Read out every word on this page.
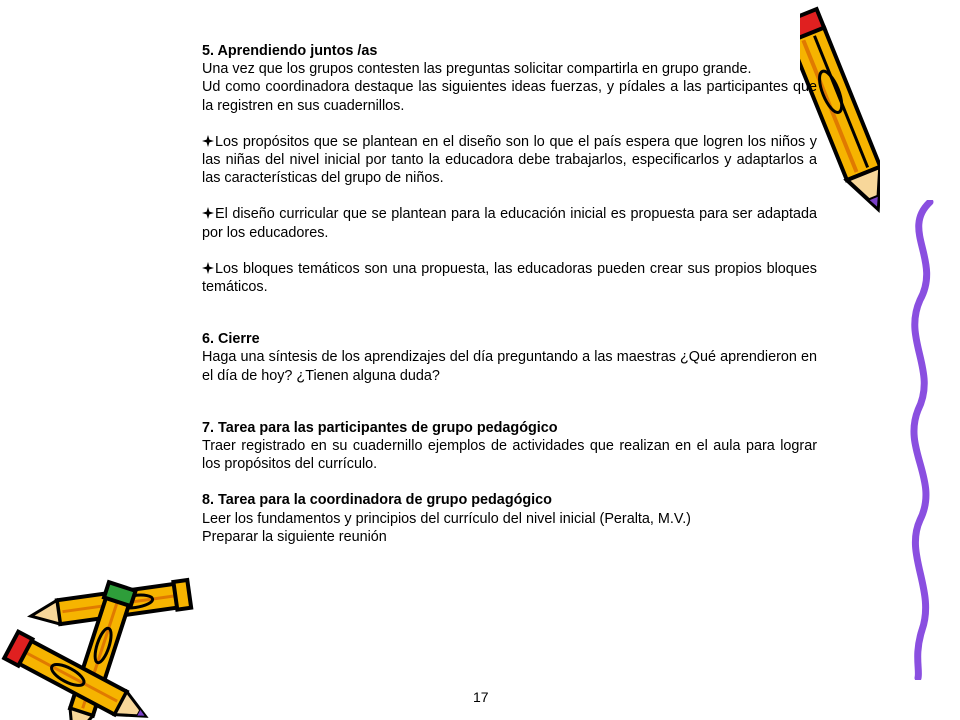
5. Aprendiendo juntos /as
Una vez que los grupos contesten las preguntas solicitar compartirla en grupo grande.
Ud como coordinadora destaque las siguientes ideas fuerzas, y pídales a las participantes que la registren en sus cuadernillos.
Los propósitos que se plantean en el diseño son lo que el país espera que logren los niños y las niñas del nivel inicial por tanto la educadora debe trabajarlos, especificarlos y adaptarlos a las características del grupo de niños.
El diseño curricular que se plantean para la educación inicial es propuesta para ser adaptada por los educadores.
Los bloques temáticos son una propuesta, las educadoras pueden crear sus propios bloques temáticos.
6. Cierre
Haga una síntesis de los aprendizajes del día preguntando a las maestras ¿Qué aprendieron en el día de hoy? ¿Tienen alguna duda?
7. Tarea para las participantes de grupo pedagógico
Traer registrado en su cuadernillo ejemplos de actividades que realizan en el aula para lograr los propósitos del currículo.
8. Tarea para la coordinadora de grupo pedagógico
Leer los fundamentos y principios del currículo del nivel inicial (Peralta, M.V.)
Preparar la siguiente reunión
17
